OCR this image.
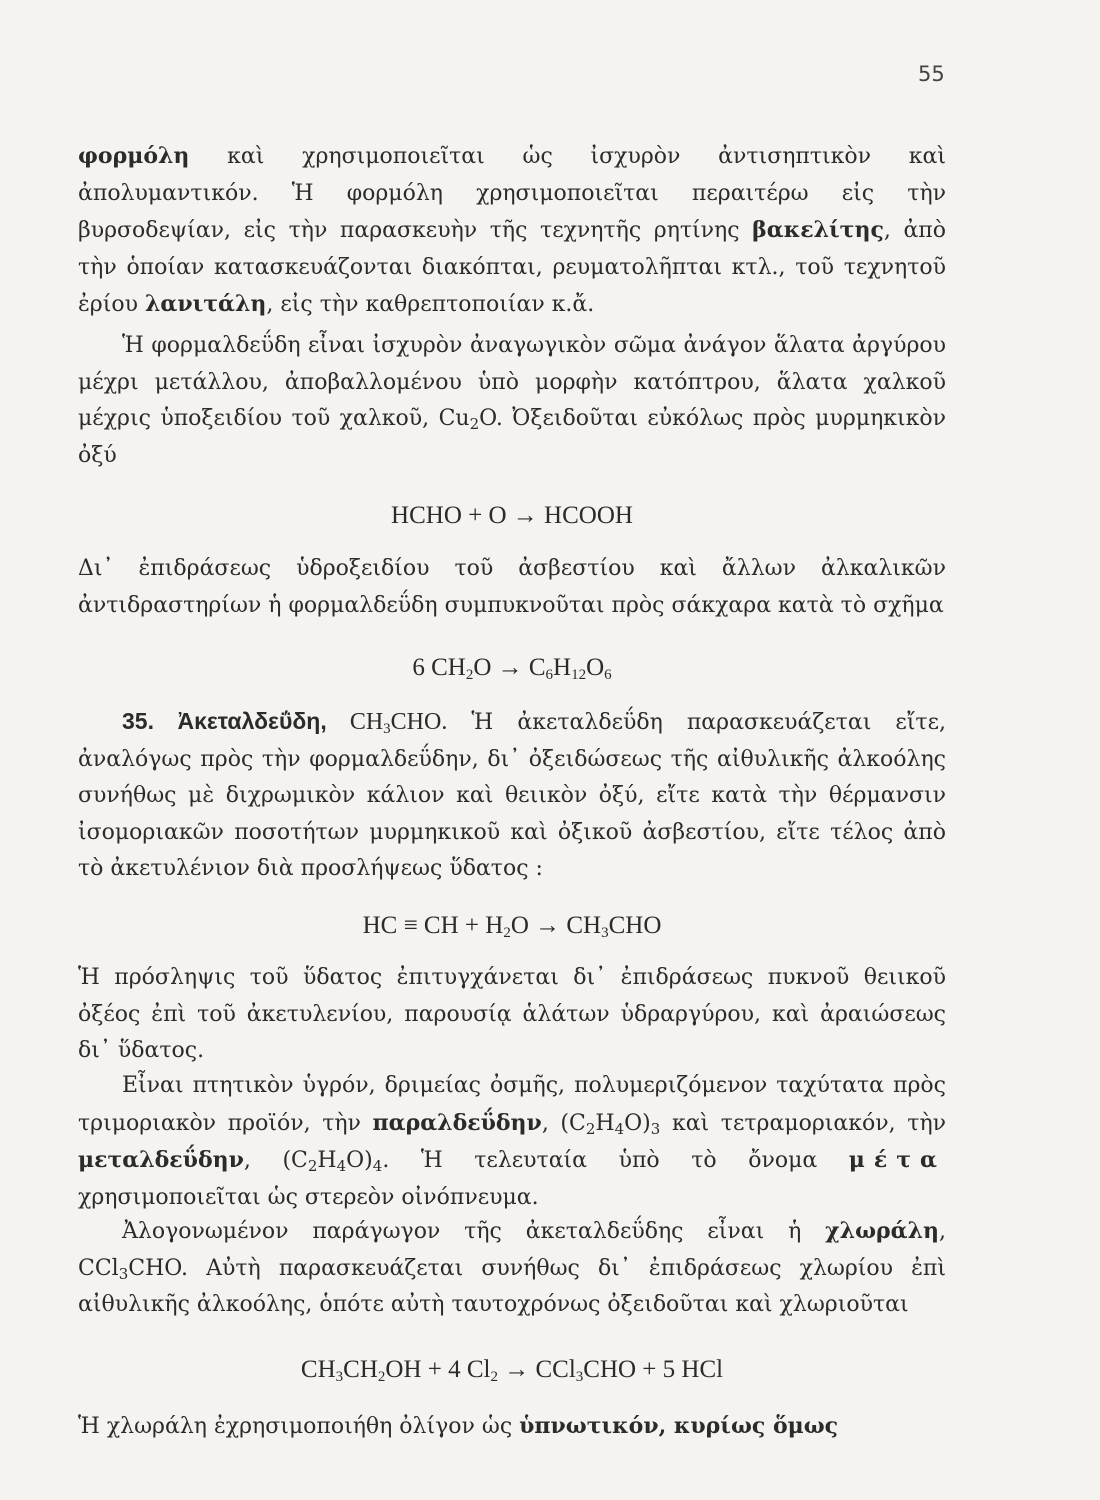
55

φορμόλη καὶ χρησιμοποιεῖται ὡς ἰσχυρὸν ἀντισηπτικὸν καὶ ἀπολυμαντικόν. Ἡ φορμόλη χρησιμοποιεῖται περαιτέρω εἰς τὴν βυρσοδεψίαν, εἰς τὴν παρασκευὴν τῆς τεχνητῆς ρητίνης βακελίτης, ἀπὸ τὴν ὁποίαν κατασκευάζονται διακόπται, ρευματολῆπται κτλ., τοῦ τεχνητοῦ ἐρίου λανιτάλη, εἰς τὴν καθρεπτοποιίαν κ.ἄ.

Ἡ φορμαλδεΰδη εἶναι ἰσχυρὸν ἀναγωγικὸν σῶμα ἀνάγον ἅλατα ἀργύρου μέχρι μετάλλου, ἀποβαλλομένου ὑπὸ μορφὴν κατόπτρου, ἅλατα χαλκοῦ μέχρις ὑποξειδίου τοῦ χαλκοῦ, $Cu_2O$. Ὀξειδοῦται εὐκόλως πρὸς μυρμηκικὸν ὀξύ

HCHO + O → HCOOH

Δι᾿ ἐπιδράσεως ὑδροξειδίου τοῦ ἀσβεστίου καὶ ἄλλων ἀλκαλικῶν ἀντιδραστηρίων ἡ φορμαλδεΰδη συμπυκνοῦται πρὸς σάκχαρα κατὰ τὸ σχῆμα

6 $CH_2O \to C_6H_{12}O_6$

35. Ἀκεταλδεΰδη, $CH_3CHO$. Ἡ ἀκεταλδεΰδη παρασκευάζεται εἴτε, ἀναλόγως πρὸς τὴν φορμαλδεΰδην, δι᾿ ὀξειδώσεως τῆς αἰθυλικῆς ἀλκοόλης συνήθως μὲ διχρωμικὸν κάλιον καὶ θειικὸν ὀξύ, εἴτε κατὰ τὴν θέρμανσιν ἰσομοριακῶν ποσοτήτων μυρμηκικοῦ καὶ ὀξικοῦ ἀσβεστίου, εἴτε τέλος ἀπὸ τὸ ἀκετυλένιον διὰ προσλήψεως ὕδατος :

HC ≡ CH + $H_2O \to CH_3CHO$

Ἡ πρόσληψις τοῦ ὕδατος ἐπιτυγχάνεται δι᾿ ἐπιδράσεως πυκνοῦ θειικοῦ ὀξέος ἐπὶ τοῦ ἀκετυλενίου, παρουσίᾳ ἁλάτων ὑδραργύρου, καὶ ἀραιώσεως δι᾿ ὕδατος.

Εἶναι πτητικὸν ὑγρόν, δριμείας ὀσμῆς, πολυμεριζόμενον ταχύτατα πρὸς τριμοριακὸν προϊόν, τὴν παραλδεΰδην, $(C_2H_4O)_3$ καὶ τετραμοριακόν, τὴν μεταλδεΰδην, $(C_2H_4O)_4$. Ἡ τελευταία ὑπὸ τὸ ὄνομα μέτα χρησιμοποιεῖται ὡς στερεὸν οἰνόπνευμα.

Ἀλογονωμένον παράγωγον τῆς ἀκεταλδεΰδης εἶναι ἡ χλωράλη, CCl$_3$CHO. Αὐτὴ παρασκευάζεται συνήθως δι᾿ ἐπιδράσεως χλωρίου ἐπὶ αἰθυλικῆς ἀλκοόλης, ὁπότε αὐτὴ ταυτοχρόνως ὀξειδοῦται καὶ χλωριοῦται

$CH_3CH_2OH + 4$ $Cl_2 \to CCl_3CHO + 5$ HCl

Ἡ χλωράλη ἐχρησιμοποιήθη ὀλίγον ὡς ὑπνωτικόν, κυρίως ὅμως
